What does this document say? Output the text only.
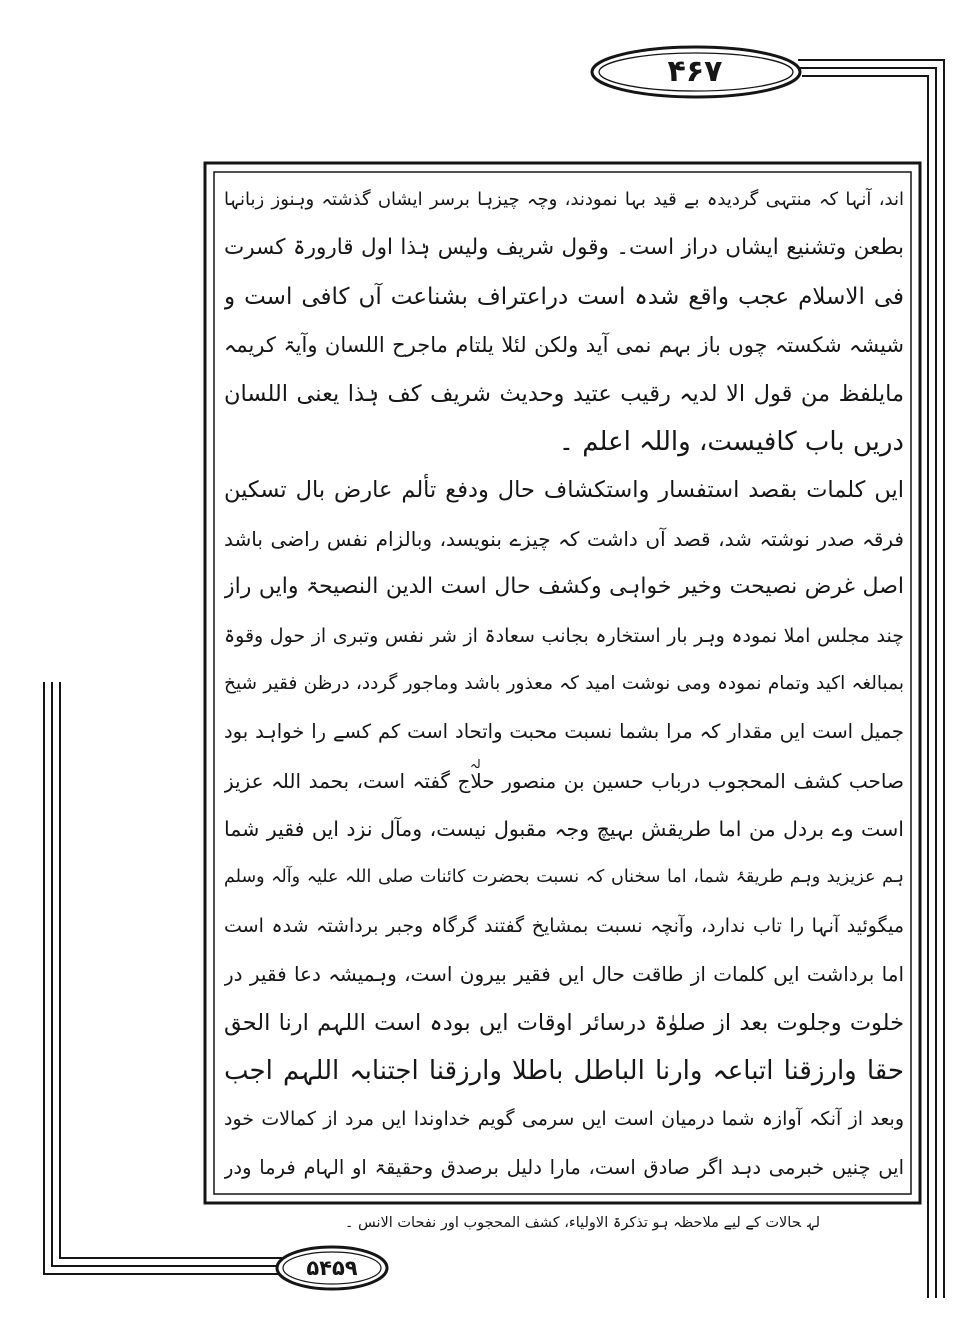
۴۶۷
۵۴۵۹
اند، آنہا کہ منتہی گردیدہ بے قید بہا نمودند، وچہ چیزہا برسر ایشاں گذشتہ وہنوز زبانہا
بطعن وتشنیع ایشاں دراز است۔ وقول شریف ولیس ہٰذا اول قارورۃ کسرت
فی الاسلام عجب واقع شدہ است دراعتراف بشناعت آں کافی است و
شیشہ شکستہ چوں باز بہم نمی آید ولکن لئلا یلتام ماجرح اللسان وآیۃ کریمہ
مایلفظ من قول الا لدیہ رقیب عتید وحدیث شریف کف ہٰذا یعنی اللسان
دریں باب کافیست، واللہ اعلم ۔
ایں کلمات بقصد استفسار واستکشاف حال ودفع تألم عارض بال تسکین
فرقہ صدر نوشتہ شد، قصد آں داشت کہ چیزے بنویسد، وبالزام نفس راضی باشد
اصل غرض نصیحت وخیر خواہی وکشف حال است الدین النصیحۃ وایں راز
چند مجلس املا نمودہ وہر بار استخارہ بجانب سعادۃ از شر نفس وتبری از حول وقوۃ
بمبالغہ اکید وتمام نمودہ ومی نوشت امید کہ معذور باشد وماجور گردد، درظن فقیر شیخ
جمیل است ایں مقدار کہ مرا بشما نسبت محبت واتحاد است کم کسے را خواہد بود
صاحب کشف المحجوب درباب حسین بن منصور حلاج گفتہ است، بحمد اللہ عزیز
است وے بردل من اما طریقش بہیچ وجہ مقبول نیست، ومآل نزد ایں فقیر شما
ہم عزیزید وہم طریقۂ شما، اما سخناں کہ نسبت بحضرت کائنات صلی اللہ علیہ وآلہ وسلم
میگوئید آنہا را تاب ندارد، وآنچہ نسبت بمشایخ گفتند گرگاہ وجبر برداشتہ شدہ است
اما برداشت ایں کلمات از طاقت حال ایں فقیر بیرون است، وہمیشہ دعا فقیر در
خلوت وجلوت بعد از صلوٰۃ درسائر اوقات ایں بودہ است اللہم ارنا الحق
حقا وارزقنا اتباعہ وارنا الباطل باطلا وارزقنا اجتنابہ اللہم اجب
وبعد از آنکہ آوازہ شما درمیان است ایں سرمی گویم خداوندا ایں مرد از کمالات خود
ایں چنیں خبرمی دہد اگر صادق است، مارا دلیل برصدق وحقیقۃ او الہام فرما ودر
لہ
لہحالات کے لیے ملاحظہ ہو تذکرۃ الاولیاء، کشف المحجوب اور نفحات الانس ۔
